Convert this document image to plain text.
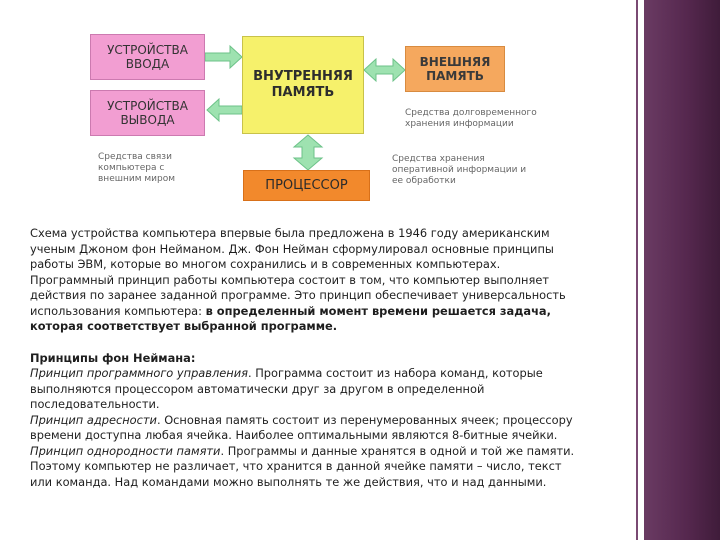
УСТРОЙСТВА
ВВОДА
УСТРОЙСТВА
ВЫВОДА
ВНУТРЕННЯЯ
ПАМЯТЬ
ВНЕШНЯЯ
ПАМЯТЬ
ПРОЦЕССОР
Средства долговременного
хранения информации
Средства связи
компьютера с
внешним миром
Средства хранения
оперативной информации и
ее обработки

Схема устройства компьютера впервые была предложена в 1946 году американским

ученым Джоном фон Нейманом. Дж. Фон Нейман сформулировал основные принципы

работы ЭВМ, которые во многом сохранились и в современных компьютерах.

Программный принцип работы компьютера состоит в том, что компьютер выполняет

действия по заранее заданной программе. Это принцип обеспечивает универсальность

использования компьютера: в определенный момент времени решается задача,

которая соответствует выбранной программе.

Принципы фон Неймана:

Принцип программного управления. Программа состоит из набора команд, которые

выполняются процессором автоматически друг за другом в определенной

последовательности.

Принцип адресности. Основная память состоит из перенумерованных ячеек; процессору

времени доступна любая ячейка. Наиболее оптимальными являются 8-битные ячейки.

Принцип однородности памяти. Программы и данные хранятся в одной и той же памяти.

Поэтому компьютер не различает, что хранится в данной ячейке памяти – число, текст

или команда. Над командами можно выполнять те же действия, что и над данными.
